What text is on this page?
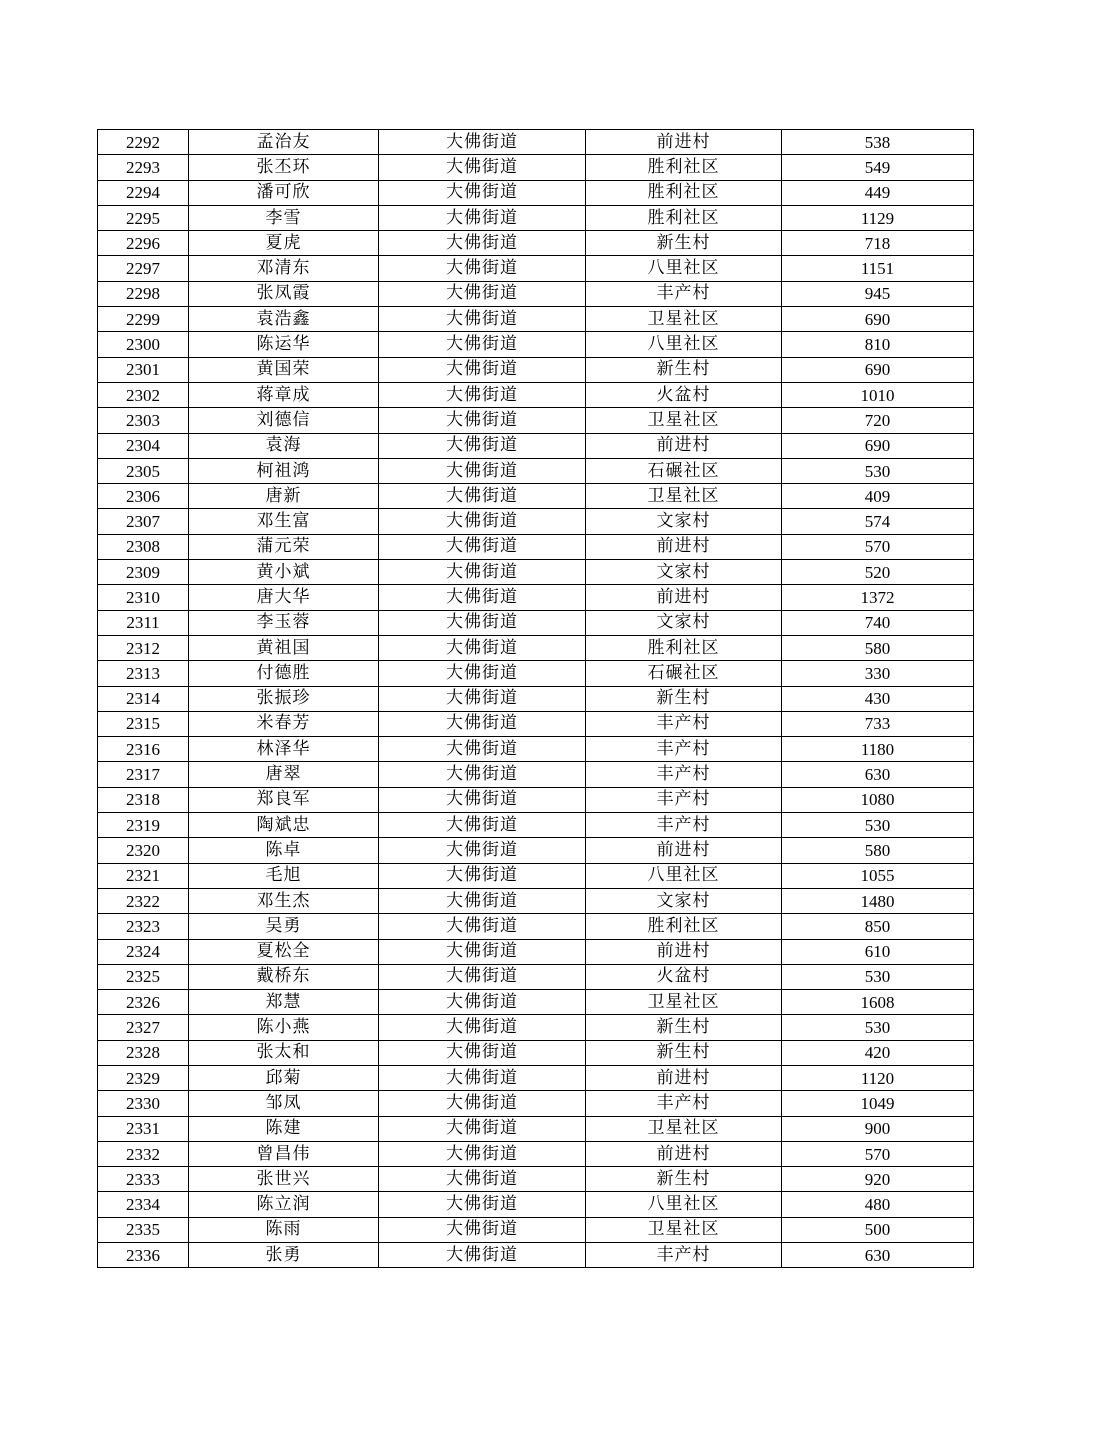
2292	孟治友	大佛街道	前进村	538
2293	张丕环	大佛街道	胜利社区	549
2294	潘可欣	大佛街道	胜利社区	449
2295	李雪	大佛街道	胜利社区	1129
2296	夏虎	大佛街道	新生村	718
2297	邓清东	大佛街道	八里社区	1151
2298	张凤霞	大佛街道	丰产村	945
2299	袁浩鑫	大佛街道	卫星社区	690
2300	陈运华	大佛街道	八里社区	810
2301	黄国荣	大佛街道	新生村	690
2302	蒋章成	大佛街道	火盆村	1010
2303	刘德信	大佛街道	卫星社区	720
2304	袁海	大佛街道	前进村	690
2305	柯祖鸿	大佛街道	石碾社区	530
2306	唐新	大佛街道	卫星社区	409
2307	邓生富	大佛街道	文家村	574
2308	蒲元荣	大佛街道	前进村	570
2309	黄小斌	大佛街道	文家村	520
2310	唐大华	大佛街道	前进村	1372
2311	李玉蓉	大佛街道	文家村	740
2312	黄祖国	大佛街道	胜利社区	580
2313	付德胜	大佛街道	石碾社区	330
2314	张振珍	大佛街道	新生村	430
2315	米春芳	大佛街道	丰产村	733
2316	林泽华	大佛街道	丰产村	1180
2317	唐翠	大佛街道	丰产村	630
2318	郑良军	大佛街道	丰产村	1080
2319	陶斌忠	大佛街道	丰产村	530
2320	陈卓	大佛街道	前进村	580
2321	毛旭	大佛街道	八里社区	1055
2322	邓生杰	大佛街道	文家村	1480
2323	吴勇	大佛街道	胜利社区	850
2324	夏松全	大佛街道	前进村	610
2325	戴桥东	大佛街道	火盆村	530
2326	郑慧	大佛街道	卫星社区	1608
2327	陈小燕	大佛街道	新生村	530
2328	张太和	大佛街道	新生村	420
2329	邱菊	大佛街道	前进村	1120
2330	邹凤	大佛街道	丰产村	1049
2331	陈建	大佛街道	卫星社区	900
2332	曾昌伟	大佛街道	前进村	570
2333	张世兴	大佛街道	新生村	920
2334	陈立润	大佛街道	八里社区	480
2335	陈雨	大佛街道	卫星社区	500
2336	张勇	大佛街道	丰产村	630
